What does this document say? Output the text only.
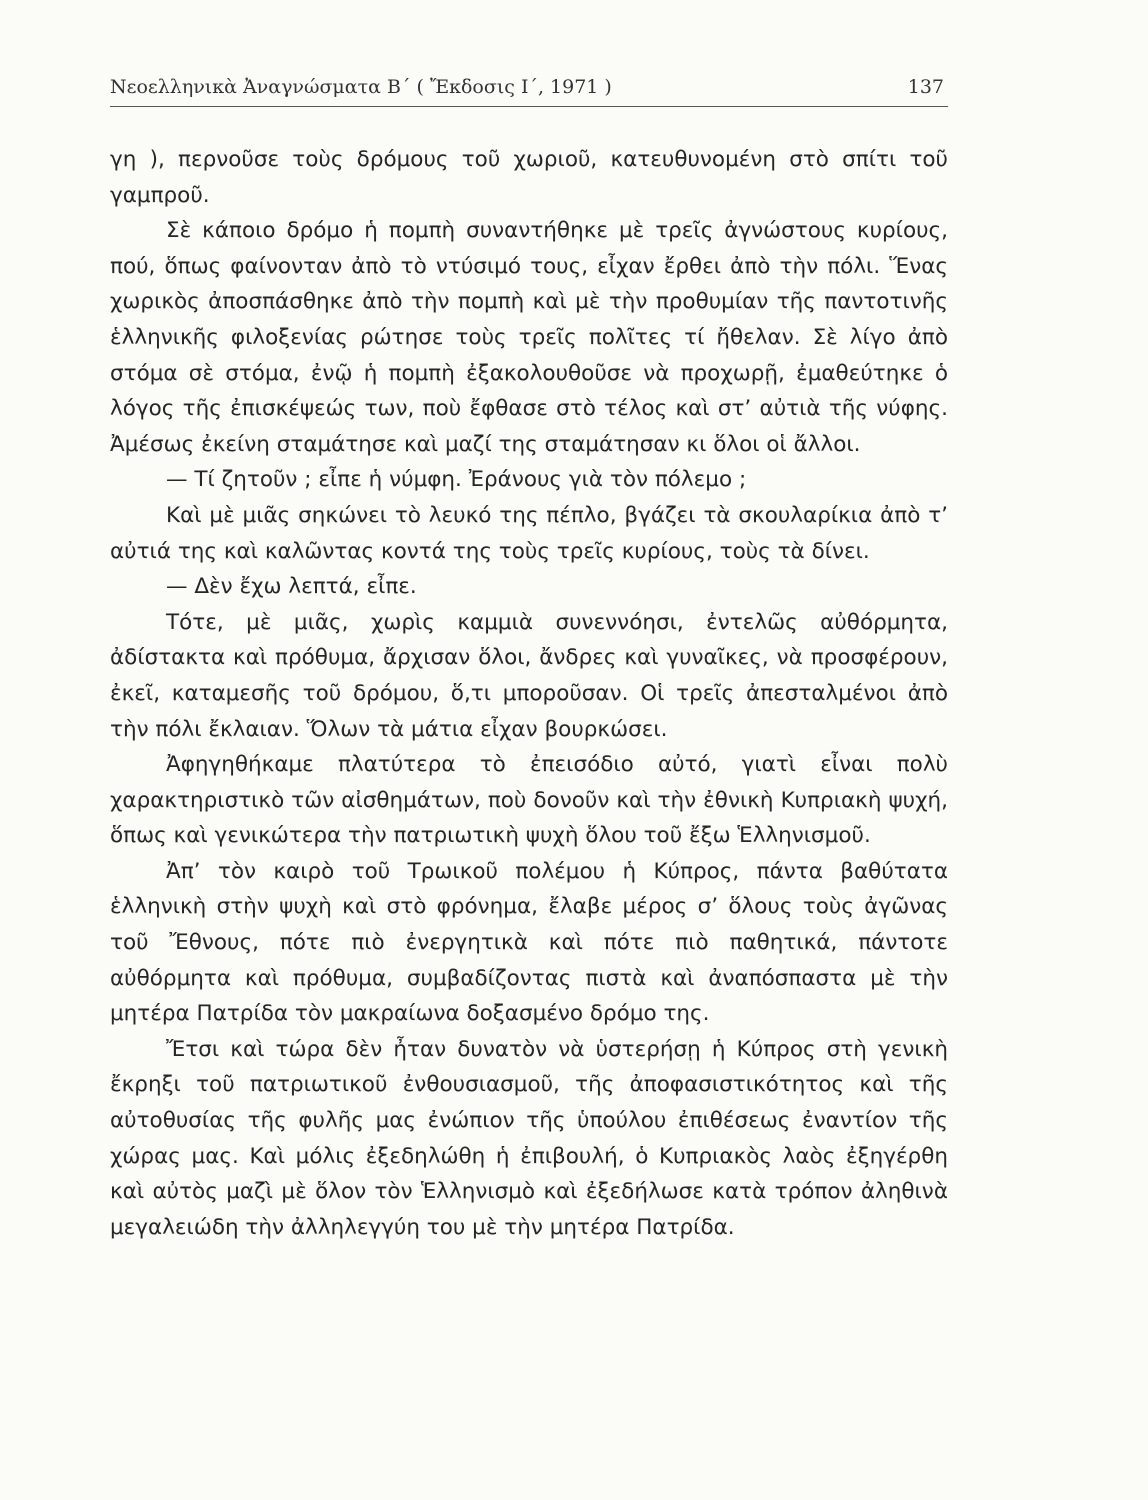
Νεοελληνικὰ Ἀναγνώσματα Β΄ ( Ἔκδοσις Ι΄, 1971 )	137

γη ), περνοῦσε τοὺς δρόμους τοῦ χωριοῦ, κατευθυνομένη στὸ σπίτι τοῦ γαμπροῦ.

Σὲ κάποιο δρόμο ἡ πομπὴ συναντήθηκε μὲ τρεῖς ἀγνώστους κυρίους, πού, ὅπως φαίνονταν ἀπὸ τὸ ντύσιμό τους, εἶχαν ἔρθει ἀπὸ τὴν πόλι. Ἕνας χωρικὸς ἀποσπάσθηκε ἀπὸ τὴν πομπὴ καὶ μὲ τὴν προθυμίαν τῆς παντοτινῆς ἑλληνικῆς φιλοξενίας ρώτησε τοὺς τρεῖς πολῖτες τί ἤθελαν. Σὲ λίγο ἀπὸ στόμα σὲ στόμα, ἐνῷ ἡ πομπὴ ἐξακολουθοῦσε νὰ προχωρῇ, ἐμαθεύτηκε ὁ λόγος τῆς ἐπισκέψεώς των, ποὺ ἔφθασε στὸ τέλος καὶ στ’ αὐτιὰ τῆς νύφης. Ἀμέσως ἐκείνη σταμάτησε καὶ μαζί της σταμάτησαν κι ὅλοι οἱ ἄλλοι.

— Τί ζητοῦν ; εἶπε ἡ νύμφη. Ἐράνους γιὰ τὸν πόλεμο ;

Καὶ μὲ μιᾶς σηκώνει τὸ λευκό της πέπλο, βγάζει τὰ σκουλαρίκια ἀπὸ τ’ αὐτιά της καὶ καλῶντας κοντά της τοὺς τρεῖς κυρίους, τοὺς τὰ δίνει.

— Δὲν ἔχω λεπτά, εἶπε.

Τότε, μὲ μιᾶς, χωρὶς καμμιὰ συνεννόησι, ἐντελῶς αὐθόρμητα, ἀδίστακτα καὶ πρόθυμα, ἄρχισαν ὅλοι, ἄνδρες καὶ γυναῖκες, νὰ προσφέρουν, ἐκεῖ, καταμεσῆς τοῦ δρόμου, ὅ,τι μποροῦσαν. Οἱ τρεῖς ἀπεσταλμένοι ἀπὸ τὴν πόλι ἔκλαιαν. Ὅλων τὰ μάτια εἶχαν βουρκώσει.

Ἀφηγηθήκαμε πλατύτερα τὸ ἐπεισόδιο αὐτό, γιατὶ εἶναι πολὺ χαρακτηριστικὸ τῶν αἰσθημάτων, ποὺ δονοῦν καὶ τὴν ἐθνικὴ Κυπριακὴ ψυχή, ὅπως καὶ γενικώτερα τὴν πατριωτικὴ ψυχὴ ὅλου τοῦ ἔξω Ἑλληνισμοῦ.

Ἀπ’ τὸν καιρὸ τοῦ Τρωικοῦ πολέμου ἡ Κύπρος, πάντα βαθύτατα ἑλληνικὴ στὴν ψυχὴ καὶ στὸ φρόνημα, ἔλαβε μέρος σ’ ὅλους τοὺς ἀγῶνας τοῦ Ἔθνους, πότε πιὸ ἐνεργητικὰ καὶ πότε πιὸ παθητικά, πάντοτε αὐθόρμητα καὶ πρόθυμα, συμβαδίζοντας πιστὰ καὶ ἀναπόσπαστα μὲ τὴν μητέρα Πατρίδα τὸν μακραίωνα δοξασμένο δρόμο της.

Ἔτσι καὶ τώρα δὲν ἦταν δυνατὸν νὰ ὑστερήσῃ ἡ Κύπρος στὴ γενικὴ ἔκρηξι τοῦ πατριωτικοῦ ἐνθουσιασμοῦ, τῆς ἀποφασιστικότητος καὶ τῆς αὐτοθυσίας τῆς φυλῆς μας ἐνώπιον τῆς ὑπούλου ἐπιθέσεως ἐναντίον τῆς χώρας μας. Καὶ μόλις ἐξεδηλώθη ἡ ἐπιβουλή, ὁ Κυπριακὸς λαὸς ἐξηγέρθη καὶ αὐτὸς μαζὶ μὲ ὅλον τὸν Ἑλληνισμὸ καὶ ἐξεδήλωσε κατὰ τρόπον ἀληθινὰ μεγαλειώδη τὴν ἀλληλεγγύη του μὲ τὴν μητέρα Πατρίδα.
